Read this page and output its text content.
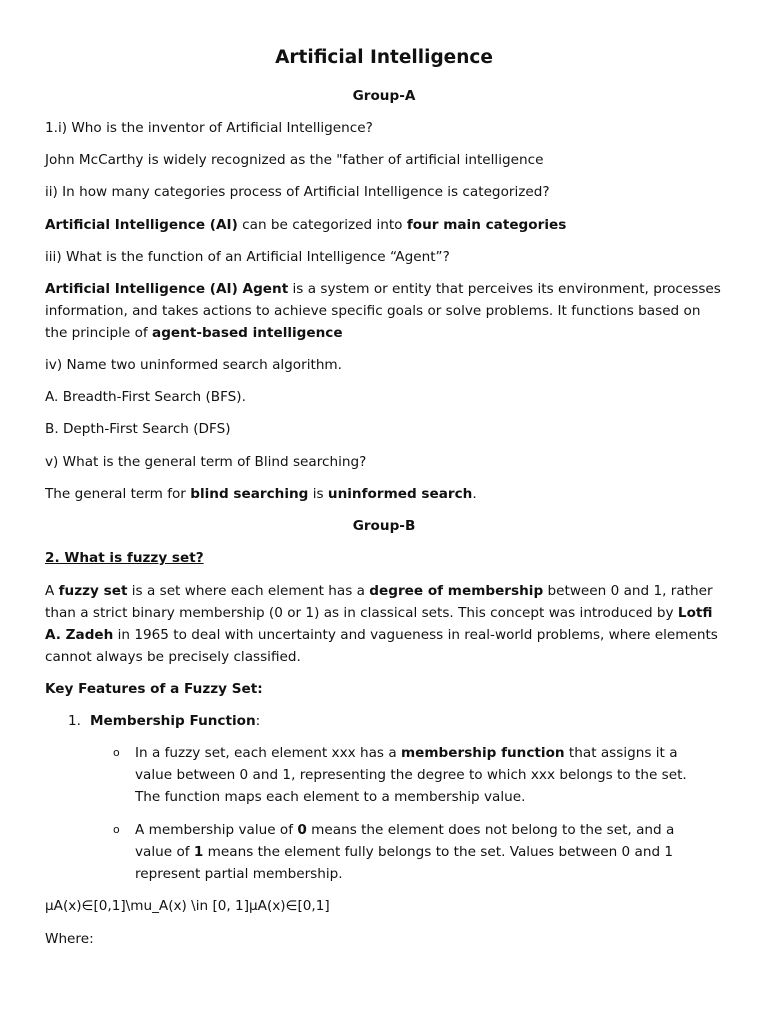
Artificial Intelligence

Group-A

1.i) Who is the inventor of Artificial Intelligence?

John McCarthy is widely recognized as the "father of artificial intelligence

ii) In how many categories process of Artificial Intelligence is categorized?

Artificial Intelligence (AI) can be categorized into four main categories

iii) What is the function of an Artificial Intelligence “Agent”?

Artificial Intelligence (AI) Agent is a system or entity that perceives its environment, processes information, and takes actions to achieve specific goals or solve problems. It functions based on the principle of agent-based intelligence

iv) Name two uninformed search algorithm.

A. Breadth-First Search (BFS).

B. Depth-First Search (DFS)

v) What is the general term of Blind searching?

The general term for blind searching is uninformed search.

Group-B

2. What is fuzzy set?

A fuzzy set is a set where each element has a degree of membership between 0 and 1, rather than a strict binary membership (0 or 1) as in classical sets. This concept was introduced by Lotfi A. Zadeh in 1965 to deal with uncertainty and vagueness in real-world problems, where elements cannot always be precisely classified.

Key Features of a Fuzzy Set:

1. Membership Function:

o In a fuzzy set, each element xxx has a membership function that assigns it a value between 0 and 1, representing the degree to which xxx belongs to the set. The function maps each element to a membership value.

o A membership value of 0 means the element does not belong to the set, and a value of 1 means the element fully belongs to the set. Values between 0 and 1 represent partial membership.

μA(x)∈[0,1]\mu_A(x) \in [0, 1]μA(x)∈[0,1]

Where:
